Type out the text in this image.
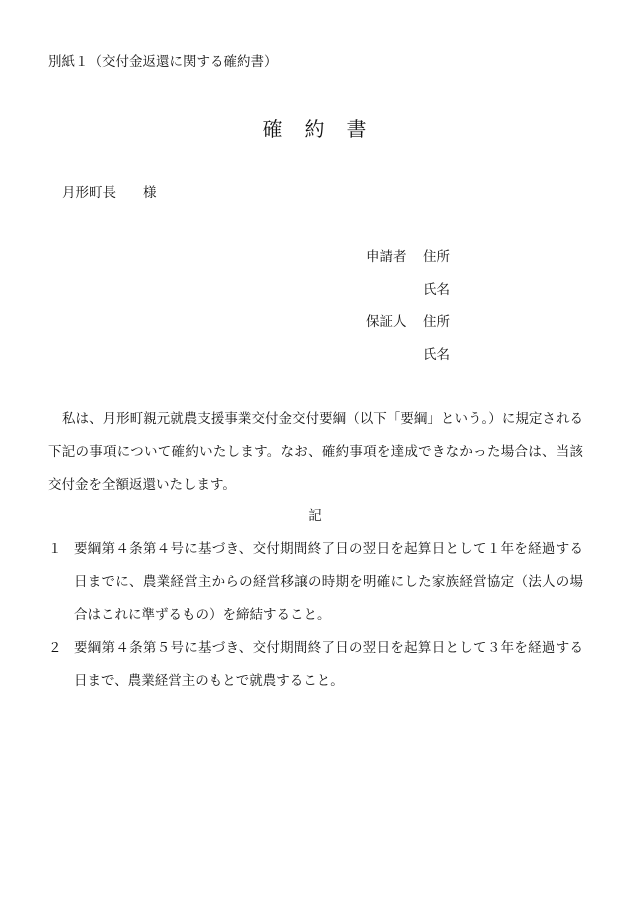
別紙１（交付金返還に関する確約書）
確　約　書
月形町長　　様
申請者 住所
氏名
保証人 住所
氏名
私は、月形町親元就農支援事業交付金交付要綱（以下「要綱」という。）に規定される下記の事項について確約いたします。なお、確約事項を達成できなかった場合は、当該交付金を全額返還いたします。
記
１ 要綱第４条第４号に基づき、交付期間終了日の翌日を起算日として１年を経過する日までに、農業経営主からの経営移譲の時期を明確にした家族経営協定（法人の場合はこれに準ずるもの）を締結すること。
２ 要綱第４条第５号に基づき、交付期間終了日の翌日を起算日として３年を経過する日まで、農業経営主のもとで就農すること。
